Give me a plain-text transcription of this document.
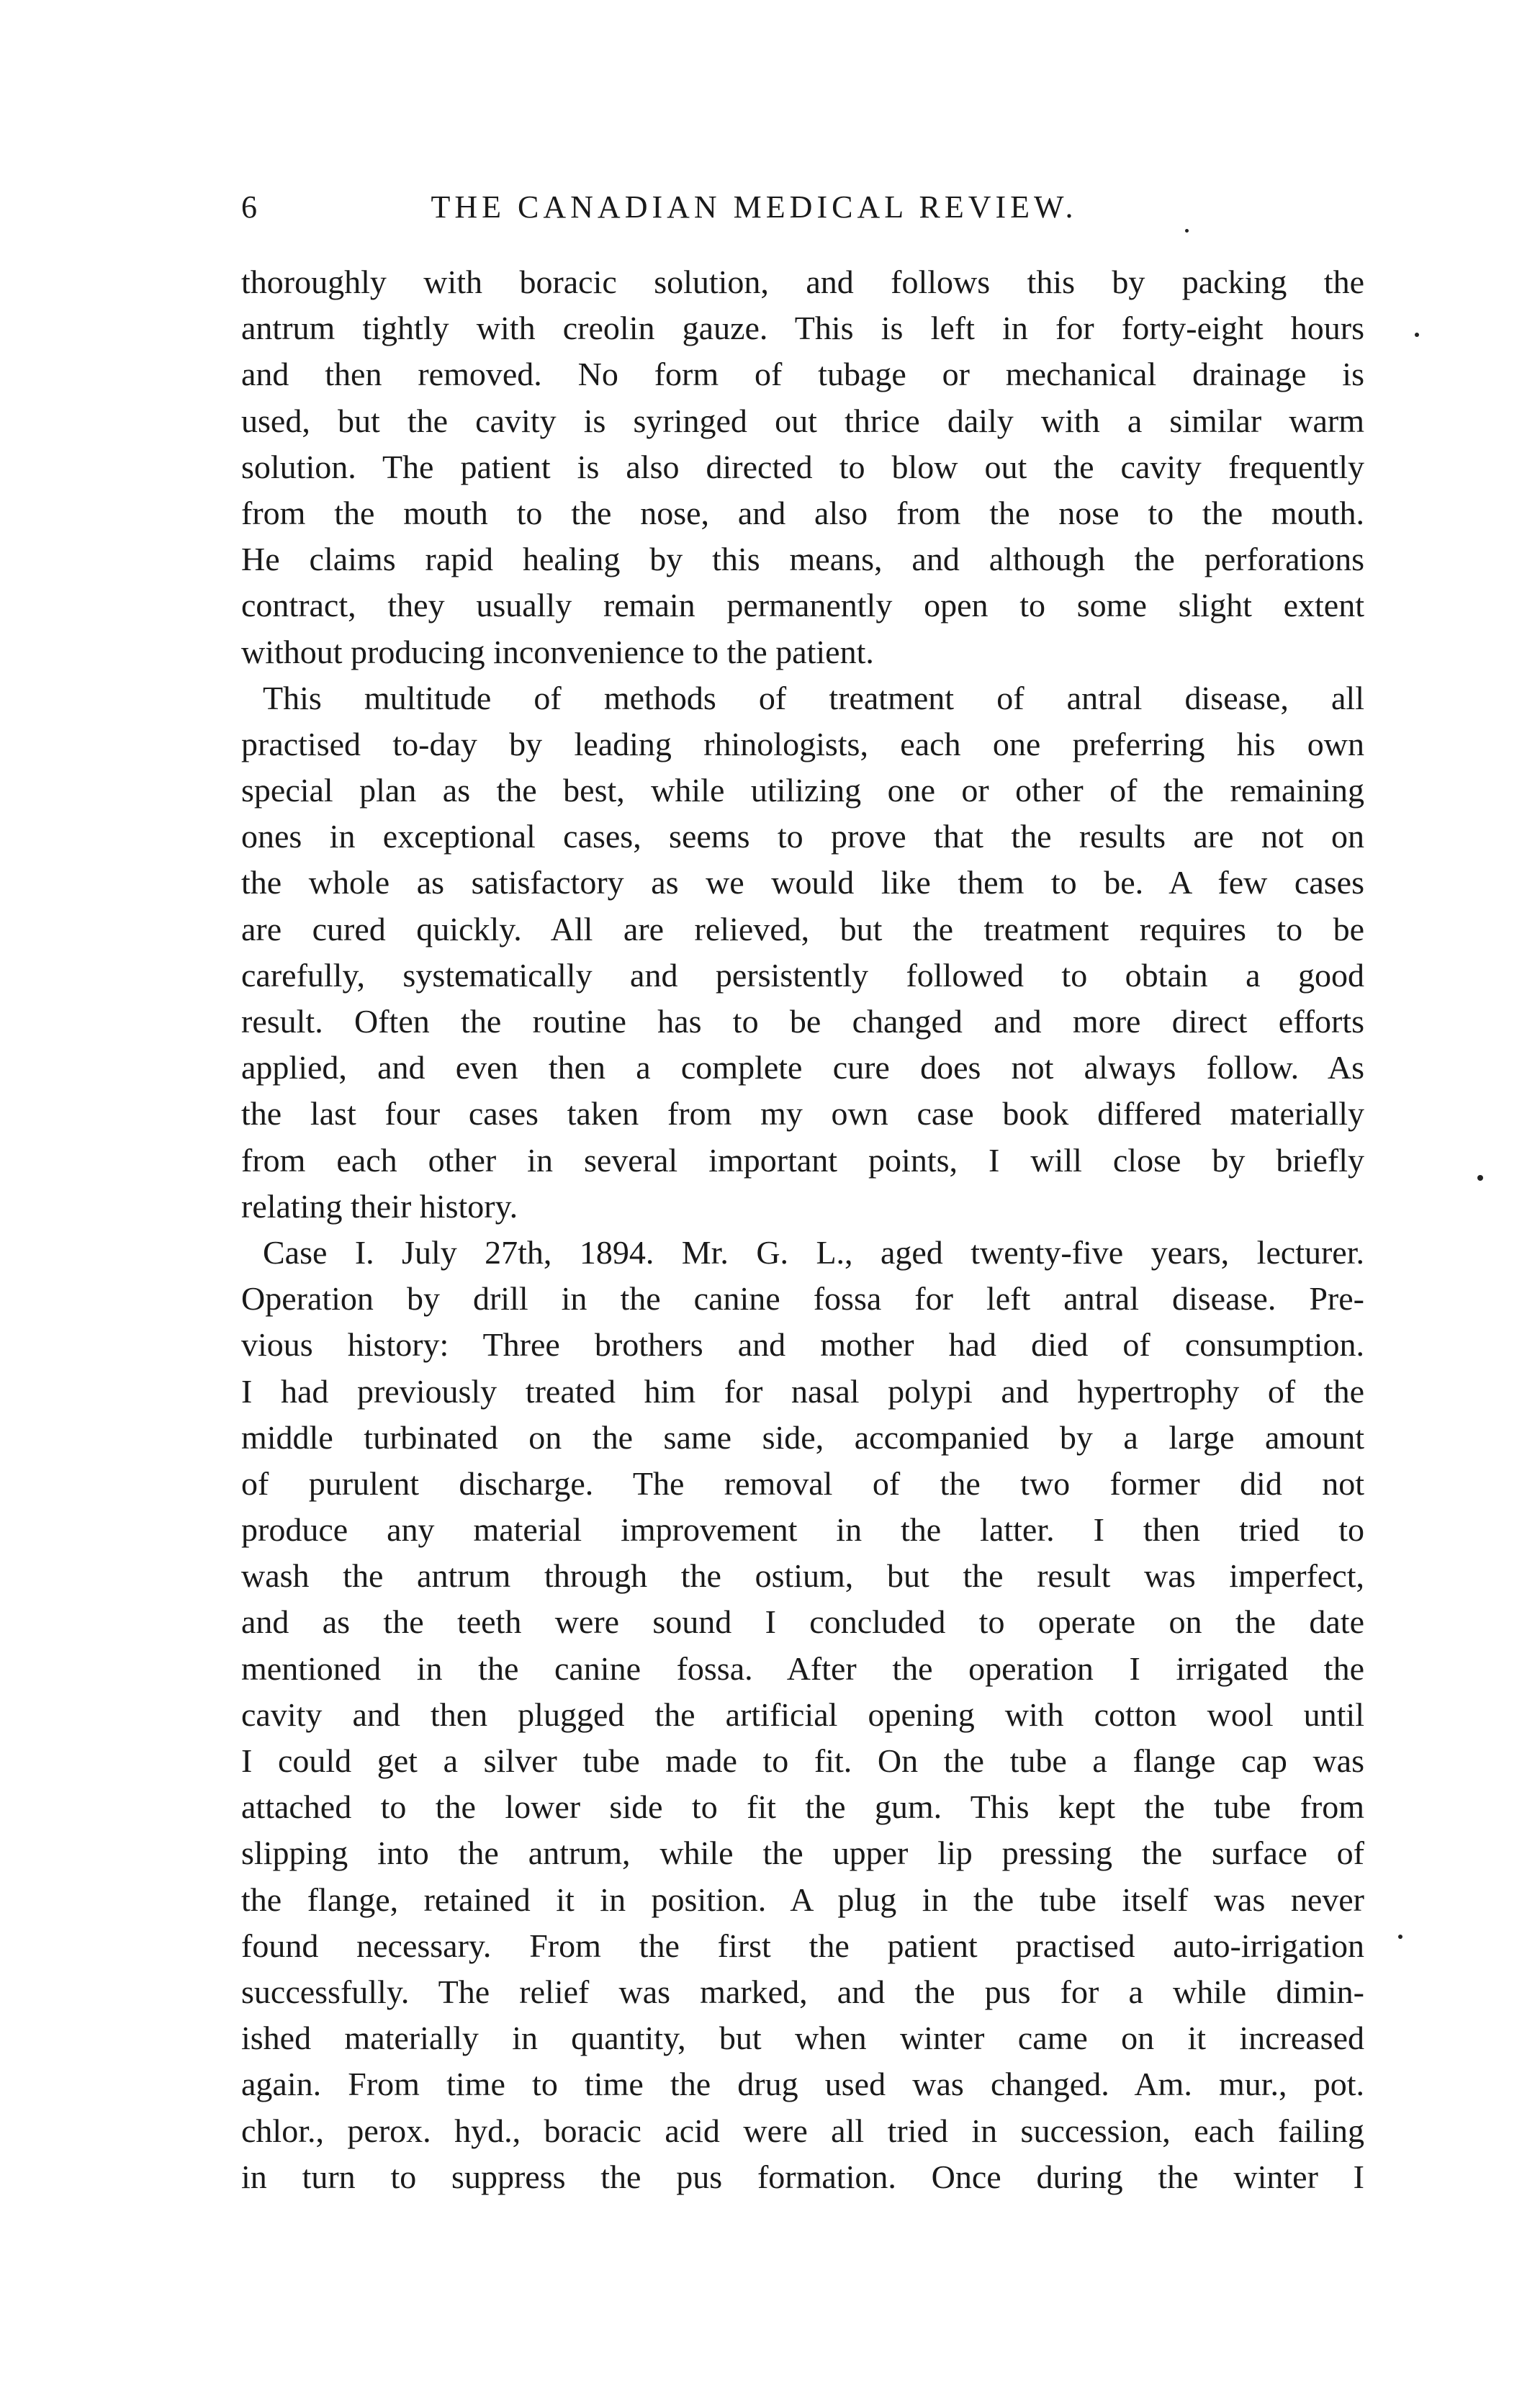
6	THE CANADIAN MEDICAL REVIEW.
thoroughly with boracic solution, and follows this by packing the
antrum tightly with creolin gauze. This is left in for forty-eight hours
and then removed. No form of tubage or mechanical drainage is
used, but the cavity is syringed out thrice daily with a similar warm
solution. The patient is also directed to blow out the cavity frequently
from the mouth to the nose, and also from the nose to the mouth.
He claims rapid healing by this means, and although the perforations
contract, they usually remain permanently open to some slight extent
without producing inconvenience to the patient.
This multitude of methods of treatment of antral disease, all
practised to-day by leading rhinologists, each one preferring his own
special plan as the best, while utilizing one or other of the remaining
ones in exceptional cases, seems to prove that the results are not on
the whole as satisfactory as we would like them to be. A few cases
are cured quickly. All are relieved, but the treatment requires to be
carefully, systematically and persistently followed to obtain a good
result. Often the routine has to be changed and more direct efforts
applied, and even then a complete cure does not always follow. As
the last four cases taken from my own case book differed materially
from each other in several important points, I will close by briefly
relating their history.
Case I. July 27th, 1894. Mr. G. L., aged twenty-five years, lecturer.
Operation by drill in the canine fossa for left antral disease. Pre-
vious history: Three brothers and mother had died of consumption.
I had previously treated him for nasal polypi and hypertrophy of the
middle turbinated on the same side, accompanied by a large amount
of purulent discharge. The removal of the two former did not
produce any material improvement in the latter. I then tried to
wash the antrum through the ostium, but the result was imperfect,
and as the teeth were sound I concluded to operate on the date
mentioned in the canine fossa. After the operation I irrigated the
cavity and then plugged the artificial opening with cotton wool until
I could get a silver tube made to fit. On the tube a flange cap was
attached to the lower side to fit the gum. This kept the tube from
slipping into the antrum, while the upper lip pressing the surface of
the flange, retained it in position. A plug in the tube itself was never
found necessary. From the first the patient practised auto-irrigation
successfully. The relief was marked, and the pus for a while dimin-
ished materially in quantity, but when winter came on it increased
again. From time to time the drug used was changed. Am. mur., pot.
chlor., perox. hyd., boracic acid were all tried in succession, each failing
in turn to suppress the pus formation. Once during the winter I
